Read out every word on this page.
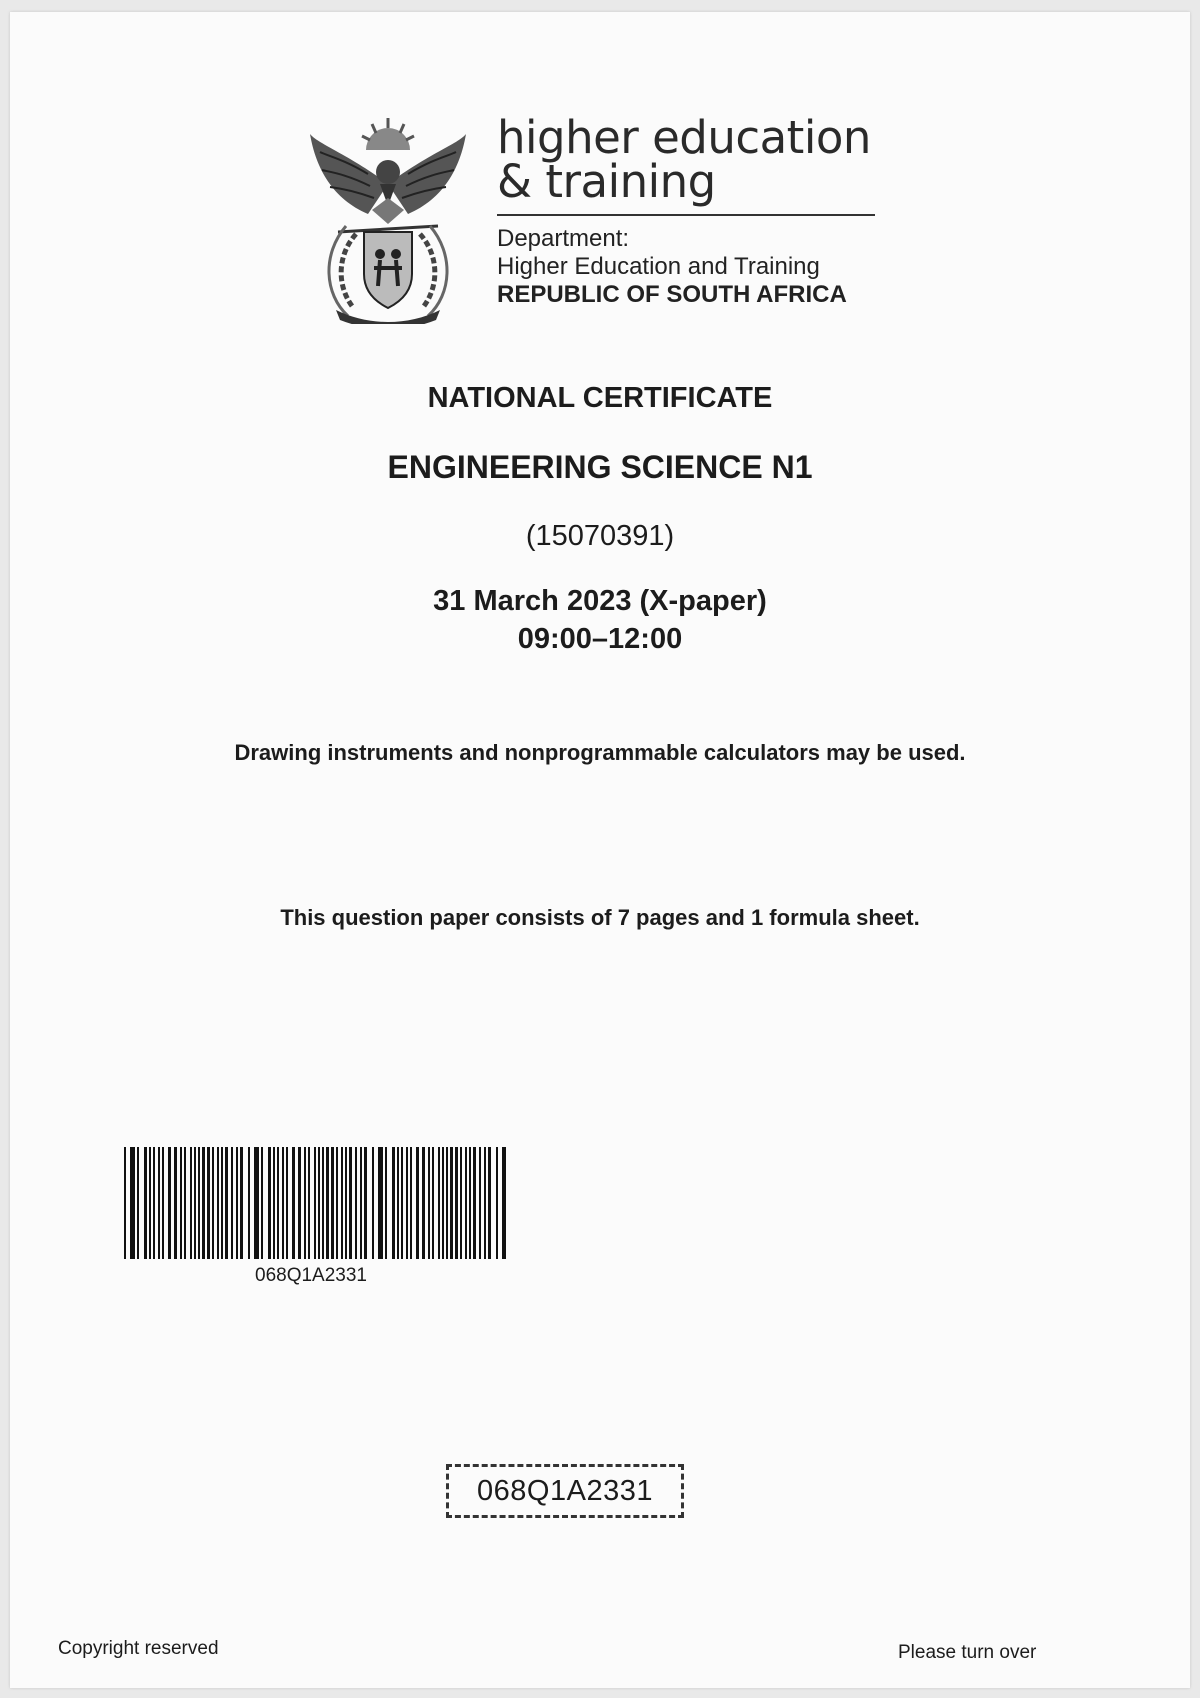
higher education
& training
Department:
Higher Education and Training
REPUBLIC OF SOUTH AFRICA
NATIONAL CERTIFICATE
ENGINEERING SCIENCE N1
(15070391)
31 March 2023 (X-paper)
09:00–12:00
Drawing instruments and nonprogrammable calculators may be used.
This question paper consists of 7 pages and 1 formula sheet.
068Q1A2331
068Q1A2331
Copyright reserved	Please turn over
